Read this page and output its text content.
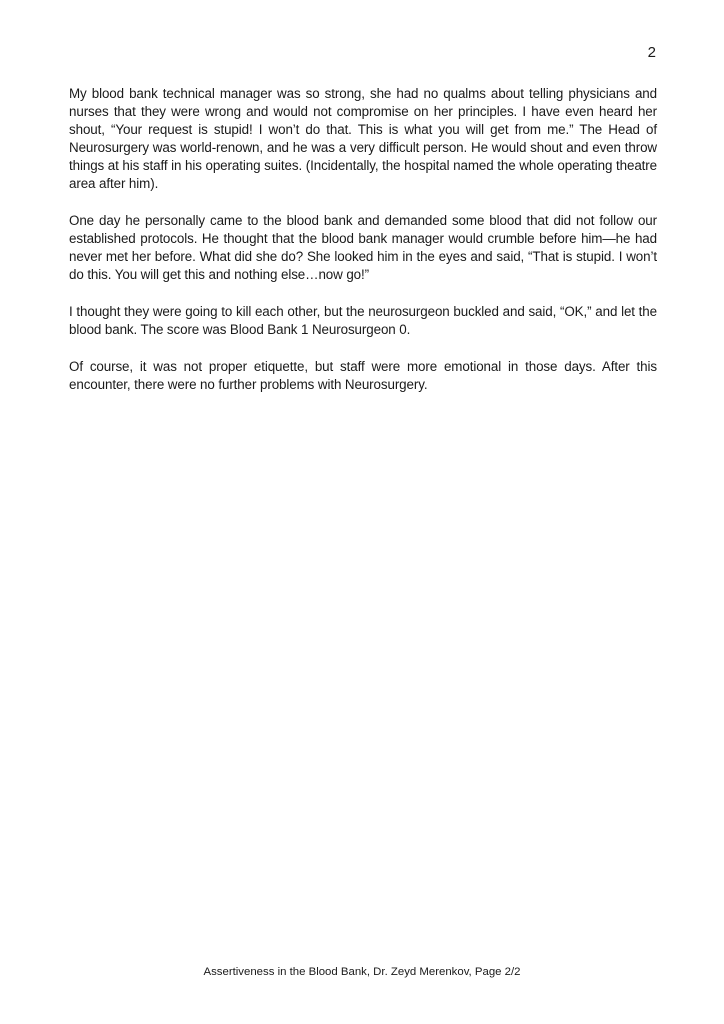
2

My blood bank technical manager was so strong, she had no qualms about telling physicians and nurses that they were wrong and would not compromise on her principles. I have even heard her shout, “Your request is stupid! I won’t do that. This is what you will get from me.” The Head of Neurosurgery was world-renown, and he was a very difficult person. He would shout and even throw things at his staff in his operating suites. (Incidentally, the hospital named the whole operating theatre area after him).

One day he personally came to the blood bank and demanded some blood that did not follow our established protocols. He thought that the blood bank manager would crumble before him—he had never met her before. What did she do? She looked him in the eyes and said, “That is stupid. I won’t do this. You will get this and nothing else…now go!”

I thought they were going to kill each other, but the neurosurgeon buckled and said, “OK,” and let the blood bank. The score was Blood Bank 1 Neurosurgeon 0.

Of course, it was not proper etiquette, but staff were more emotional in those days. After this encounter, there were no further problems with Neurosurgery.

Assertiveness in the Blood Bank, Dr. Zeyd Merenkov, Page 2/2
